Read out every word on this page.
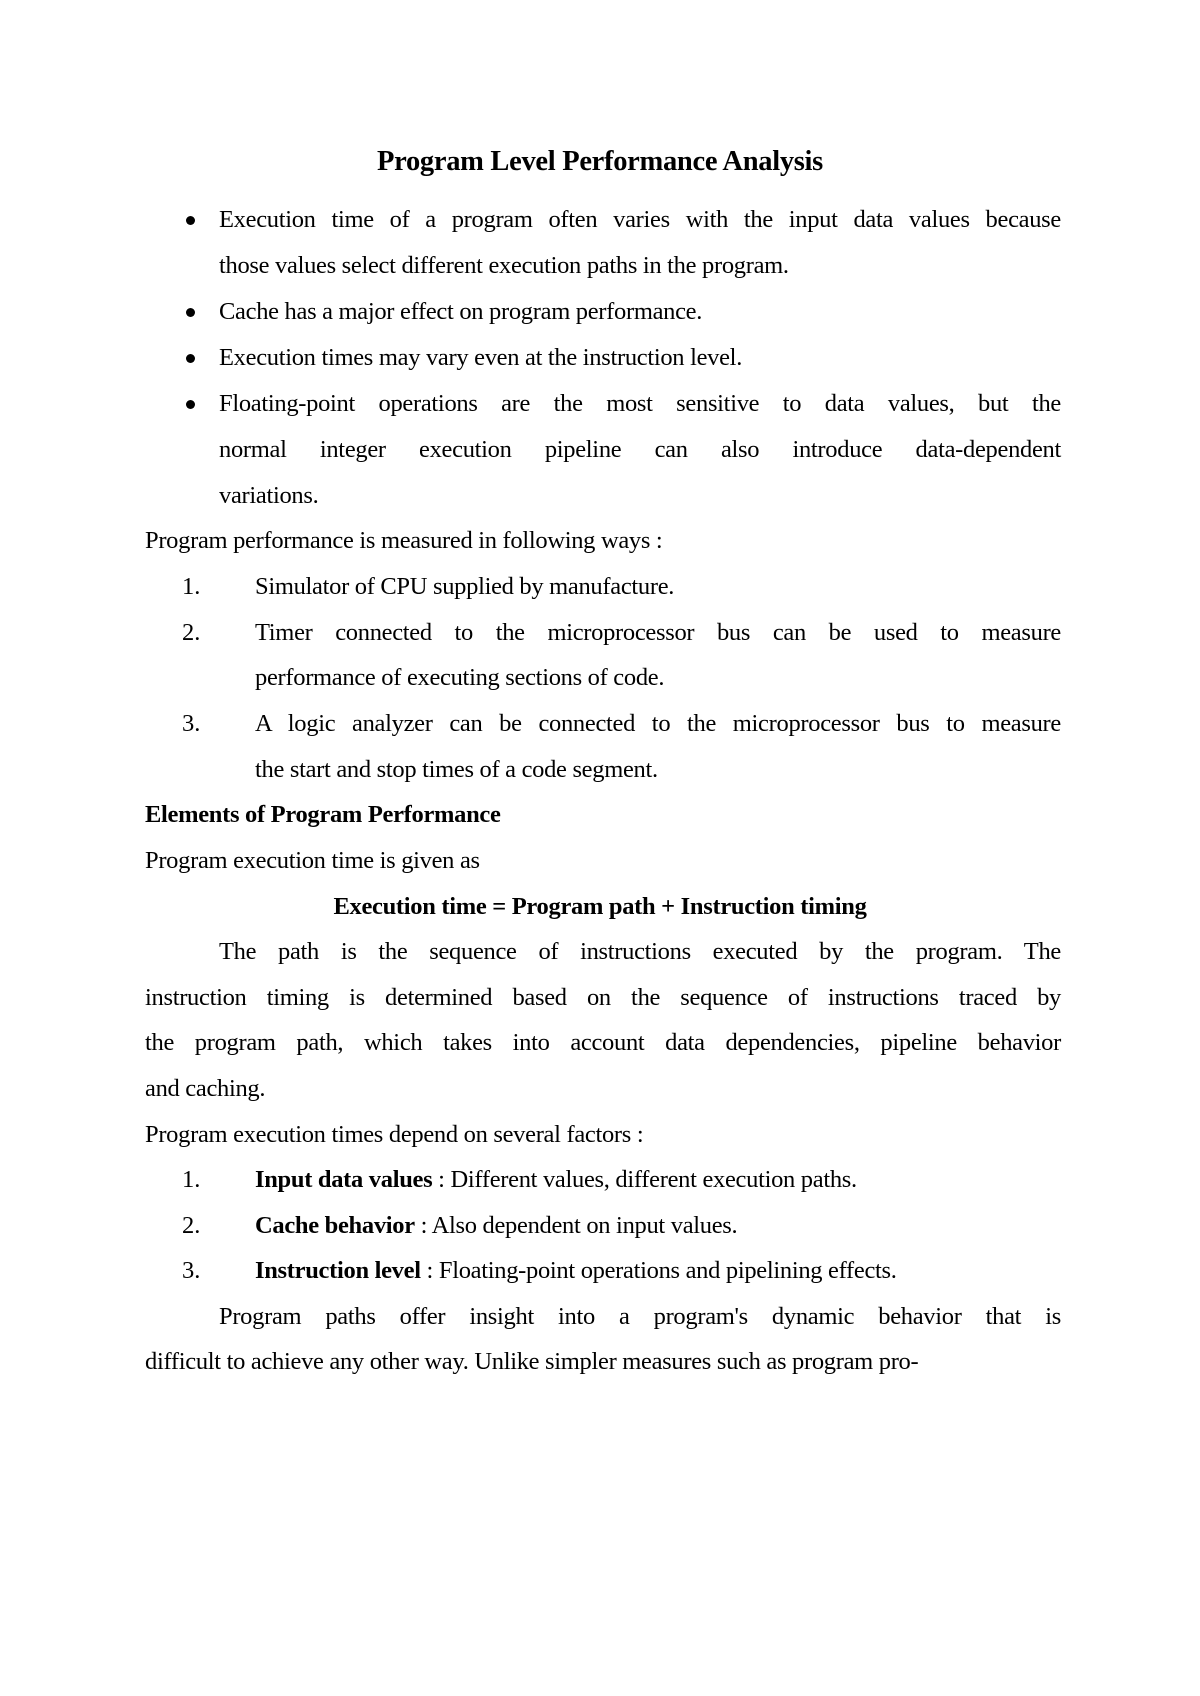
Program Level Performance Analysis
Execution time of a program often varies with the input data values because
those values select different execution paths in the program.
Cache has a major effect on program performance.
Execution times may vary even at the instruction level.
Floating-point operations are the most sensitive to data values, but the
normal integer execution pipeline can also introduce data-dependent
variations.
Program performance is measured in following ways :
1. Simulator of CPU supplied by manufacture.
2. Timer connected to the microprocessor bus can be used to measure
performance of executing sections of code.
3. A logic analyzer can be connected to the microprocessor bus to measure
the start and stop times of a code segment.
Elements of Program Performance
Program execution time is given as
Execution time = Program path + Instruction timing
The path is the sequence of instructions executed by the program. The
instruction timing is determined based on the sequence of instructions traced by
the program path, which takes into account data dependencies, pipeline behavior
and caching.
Program execution times depend on several factors :
1. Input data values : Different values, different execution paths.
2. Cache behavior : Also dependent on input values.
3. Instruction level : Floating-point operations and pipelining effects.
Program paths offer insight into a program's dynamic behavior that is
difficult to achieve any other way. Unlike simpler measures such as program pro-
